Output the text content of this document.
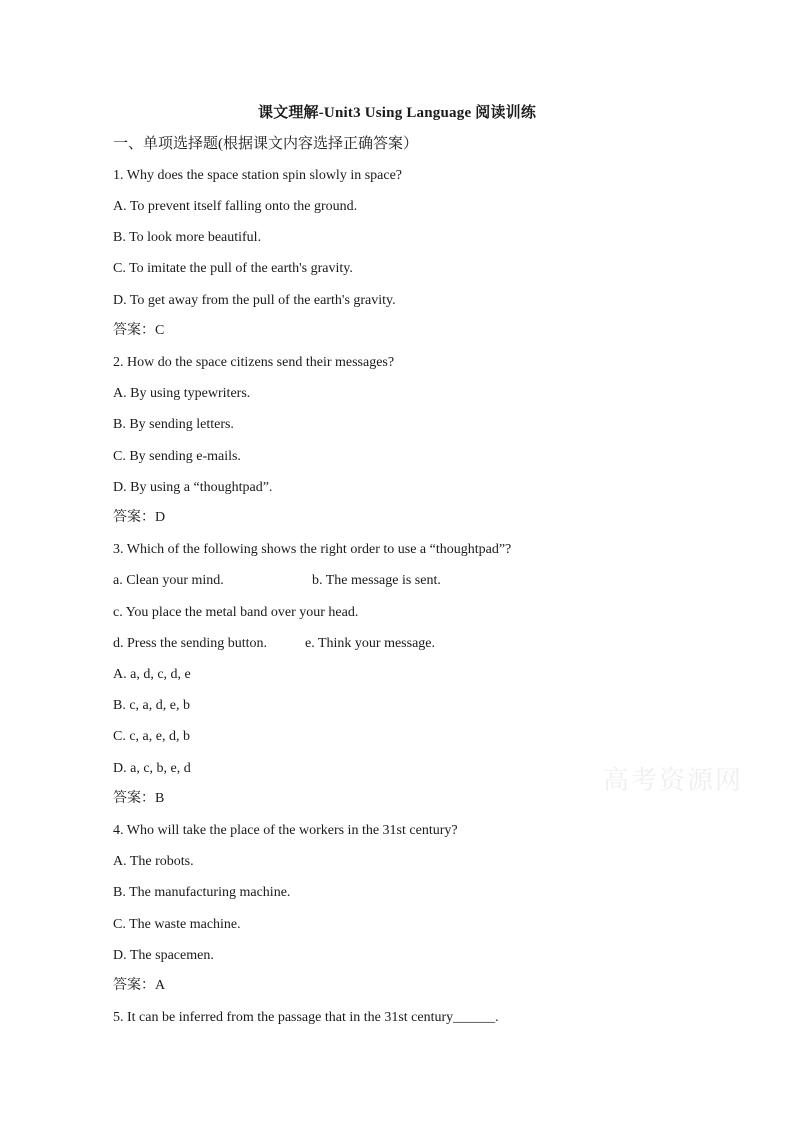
课文理解-Unit3 Using Language 阅读训练
一、单项选择题(根据课文内容选择正确答案）
1. Why does the space station spin slowly in space?
A. To prevent itself falling onto the ground.
B. To look more beautiful.
C. To imitate the pull of the earth's gravity.
D. To get away from the pull of the earth's gravity.
答案：C
2. How do the space citizens send their messages?
A. By using typewriters.
B. By sending letters.
C. By sending e-mails.
D. By using a “thoughtpad”.
答案：D
3. Which of the following shows the right order to use a “thoughtpad”?
a. Clean your mind.	b. The message is sent.
c. You place the metal band over your head.
d. Press the sending button.	e. Think your message.
A. a, d, c, d, e
B. c, a, d, e, b
C. c, a, e, d, b
D. a, c, b, e, d
答案：B
4. Who will take the place of the workers in the 31st century?
A. The robots.
B. The manufacturing machine.
C. The waste machine.
D. The spacemen.
答案：A
5. It can be inferred from the passage that in the 31st century______.
高考资源网
